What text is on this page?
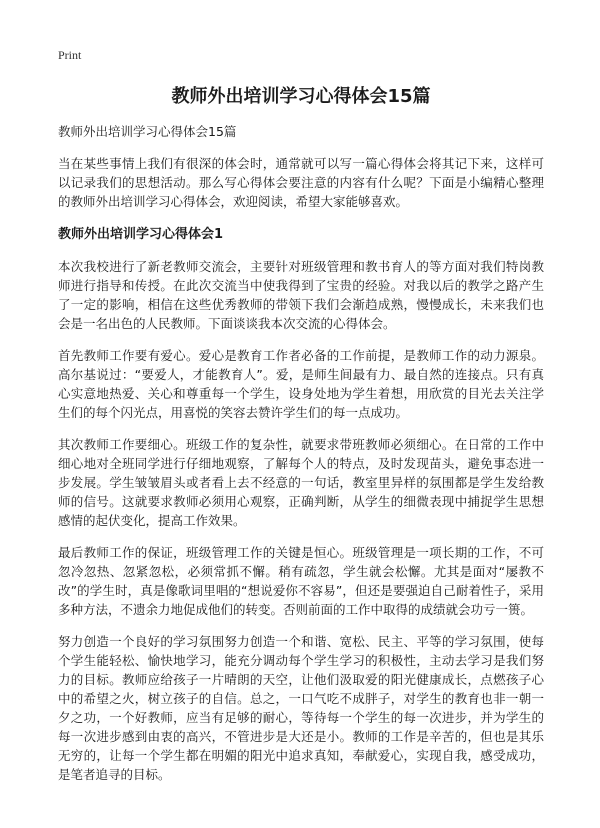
Print

教师外出培训学习心得体会15篇

教师外出培训学习心得体会15篇

当在某些事情上我们有很深的体会时，通常就可以写一篇心得体会将其记下来，这样可以记录我们的思想活动。那么写心得体会要注意的内容有什么呢？下面是小编精心整理的教师外出培训学习心得体会，欢迎阅读，希望大家能够喜欢。

教师外出培训学习心得体会1

本次我校进行了新老教师交流会，主要针对班级管理和教书育人的等方面对我们特岗教师进行指导和传授。在此次交流当中使我得到了宝贵的经验。对我以后的教学之路产生了一定的影响，相信在这些优秀教师的带领下我们会渐趋成熟，慢慢成长，未来我们也会是一名出色的人民教师。下面谈谈我本次交流的心得体会。

首先教师工作要有爱心。爱心是教育工作者必备的工作前提，是教师工作的动力源泉。高尔基说过：“要爱人，才能教育人”。爱，是师生间最有力、最自然的连接点。只有真心实意地热爱、关心和尊重每一个学生，设身处地为学生着想，用欣赏的目光去关注学生们的每个闪光点，用喜悦的笑容去赞许学生们的每一点成功。

其次教师工作要细心。班级工作的复杂性，就要求带班教师必须细心。在日常的工作中细心地对全班同学进行仔细地观察，了解每个人的特点，及时发现苗头，避免事态进一步发展。学生皱皱眉头或者看上去不经意的一句话，教室里异样的氛围都是学生发给教师的信号。这就要求教师必须用心观察，正确判断，从学生的细微表现中捕捉学生思想感情的起伏变化，提高工作效果。

最后教师工作的保证，班级管理工作的关键是恒心。班级管理是一项长期的工作，不可忽冷忽热、忽紧忽松，必须常抓不懈。稍有疏忽，学生就会松懈。尤其是面对“屡教不改”的学生时，真是像歌词里唱的“想说爱你不容易”，但还是要强迫自己耐着性子，采用多种方法，不遗余力地促成他们的转变。否则前面的工作中取得的成绩就会功亏一篑。

努力创造一个良好的学习氛围努力创造一个和谐、宽松、民主、平等的学习氛围，使每个学生能轻松、愉快地学习，能充分调动每个学生学习的积极性，主动去学习是我们努力的目标。教师应给孩子一片晴朗的天空，让他们汲取爱的阳光健康成长，点燃孩子心中的希望之火，树立孩子的自信。总之，一口气吃不成胖子，对学生的教育也非一朝一夕之功，一个好教师，应当有足够的耐心，等待每一个学生的每一次进步，并为学生的每一次进步感到由衷的高兴，不管进步是大还是小。教师的工作是辛苦的，但也是其乐无穷的，让每一个学生都在明媚的阳光中追求真知，奉献爱心，实现自我，感受成功，是笔者追寻的目标。
